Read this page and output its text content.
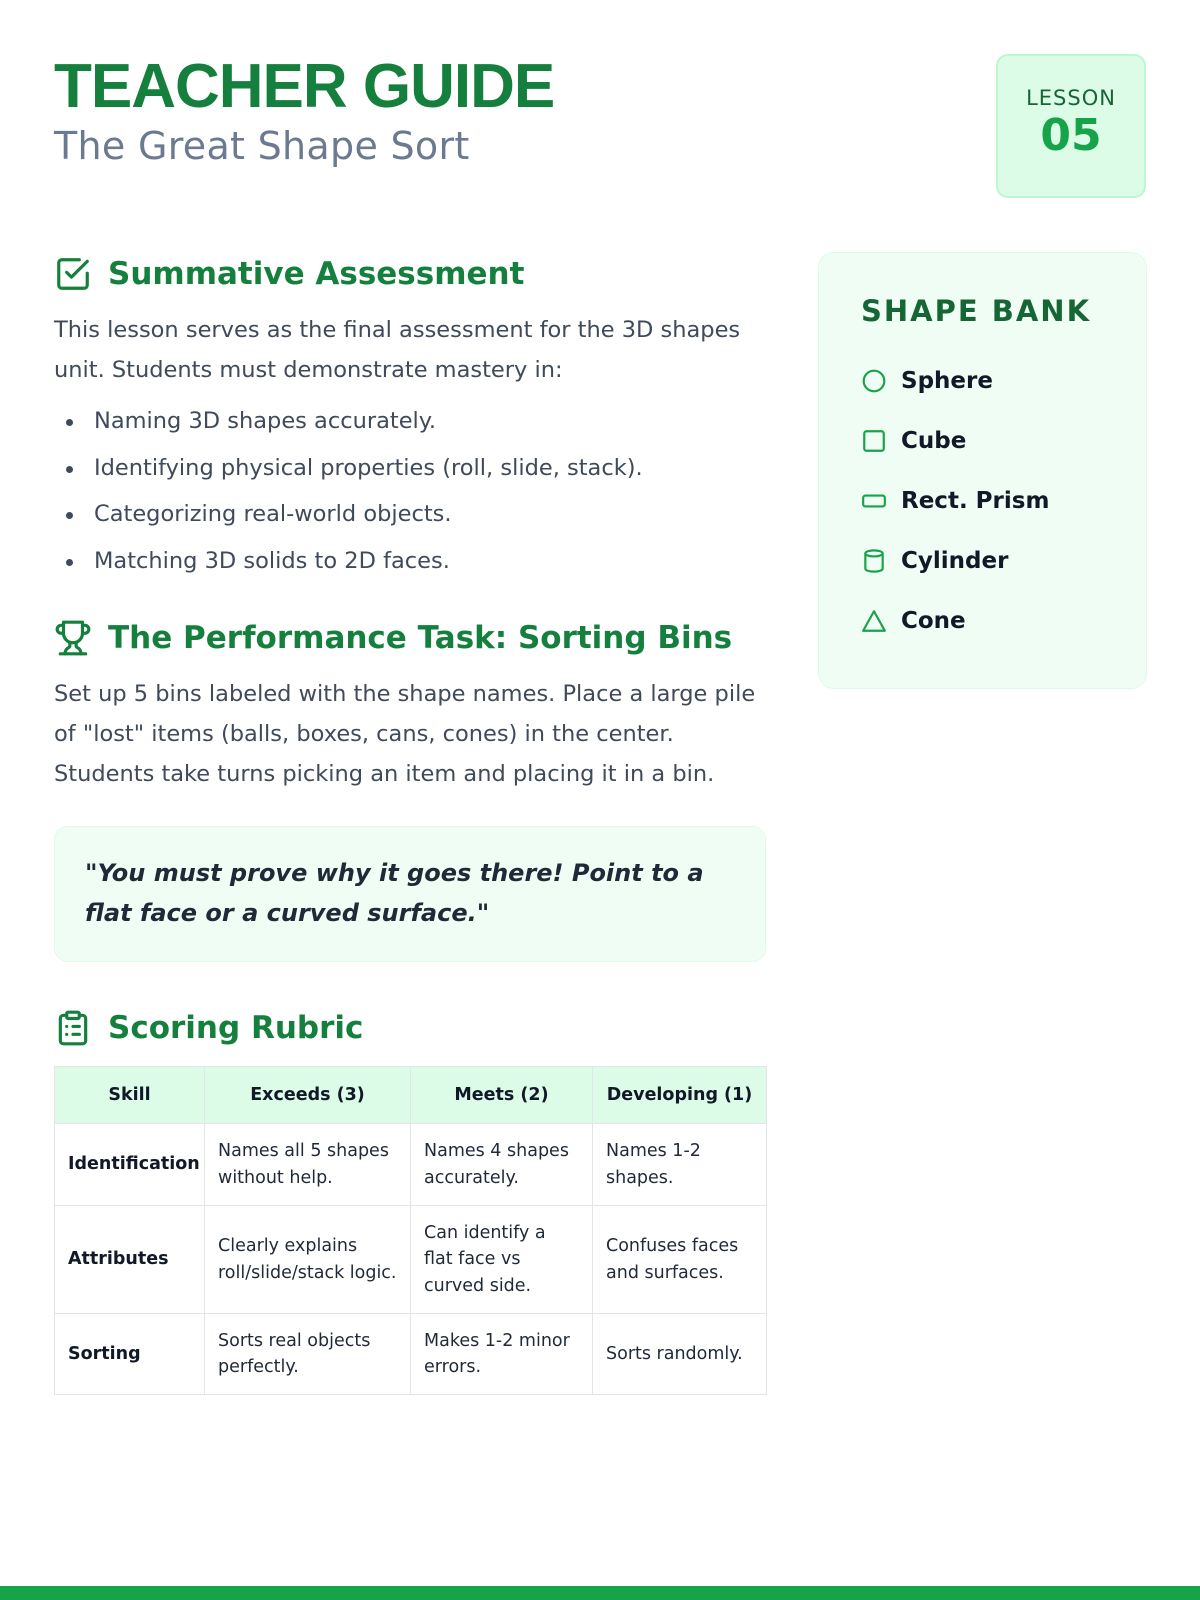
TEACHER GUIDE

The Great Shape Sort

LESSON
05
Summative Assessment

This lesson serves as the final assessment for the 3D shapes unit. Students must demonstrate mastery in:

Naming 3D shapes accurately.
Identifying physical properties (roll, slide, stack).
Categorizing real-world objects.
Matching 3D solids to 2D faces.
The Performance Task: Sorting Bins

Set up 5 bins labeled with the shape names. Place a large pile of "lost" items (balls, boxes, cans, cones) in the center. Students take turns picking an item and placing it in a bin.

"You must prove why it goes there! Point to a flat face or a curved surface."

Scoring Rubric
Skill	Exceeds (3)	Meets (2)	Developing (1)
Identification	Names all 5 shapes without help.	Names 4 shapes accurately.	Names 1-2 shapes.
Attributes	Clearly explains roll/slide/stack logic.	Can identify a flat face vs curved side.	Confuses faces and surfaces.
Sorting	Sorts real objects perfectly.	Makes 1-2 minor errors.	Sorts randomly.
SHAPE BANK
Sphere
Cube
Rect. Prism
Cylinder
Cone
